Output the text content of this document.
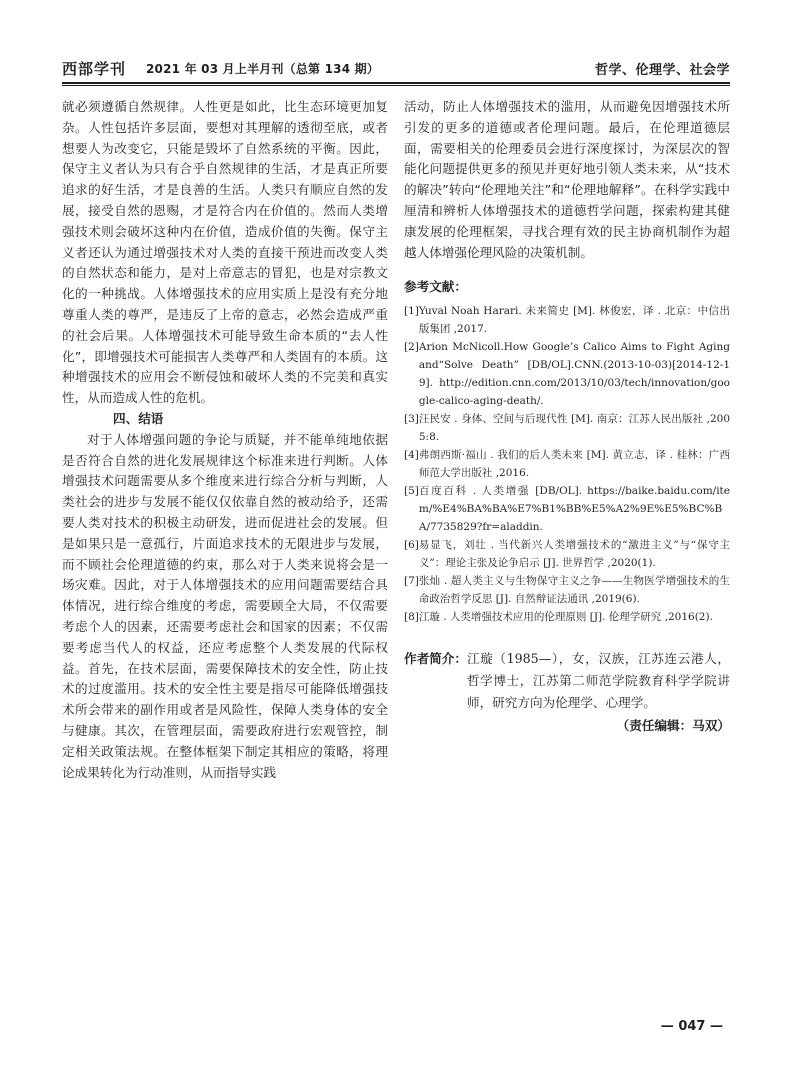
西部学刊 2021 年 03 月上半月刊（总第 134 期）	哲学、伦理学、社会学

就必须遵循自然规律。人性更是如此，比生态环境更加复杂。人性包括许多层面，要想对其理解的透彻至底，或者想要人为改变它，只能是毁坏了自然系统的平衡。因此，保守主义者认为只有合乎自然规律的生活，才是真正所要追求的好生活，才是良善的生活。人类只有顺应自然的发展，接受自然的恩赐，才是符合内在价值的。然而人类增强技术则会破坏这种内在价值，造成价值的失衡。保守主义者还认为通过增强技术对人类的直接干预进而改变人类的自然状态和能力，是对上帝意志的冒犯，也是对宗教文化的一种挑战。人体增强技术的应用实质上是没有充分地尊重人类的尊严，是违反了上帝的意志，必然会造成严重的社会后果。人体增强技术可能导致生命本质的“去人性化”，即增强技术可能损害人类尊严和人类固有的本质。这种增强技术的应用会不断侵蚀和破坏人类的不完美和真实性，从而造成人性的危机。

四、结语

对于人体增强问题的争论与质疑，并不能单纯地依据是否符合自然的进化发展规律这个标准来进行判断。人体增强技术问题需要从多个维度来进行综合分析与判断，人类社会的进步与发展不能仅仅依靠自然的被动给予，还需要人类对技术的积极主动研发，进而促进社会的发展。但是如果只是一意孤行，片面追求技术的无限进步与发展，而不顾社会伦理道德的约束，那么对于人类来说将会是一场灾难。因此，对于人体增强技术的应用问题需要结合具体情况，进行综合维度的考虑，需要顾全大局，不仅需要考虑个人的因素，还需要考虑社会和国家的因素；不仅需要考虑当代人的权益，还应考虑整个人类发展的代际权益。首先，在技术层面，需要保障技术的安全性，防止技术的过度滥用。技术的安全性主要是指尽可能降低增强技术所会带来的副作用或者是风险性，保障人类身体的安全与健康。其次，在管理层面，需要政府进行宏观管控，制定相关政策法规。在整体框架下制定其相应的策略，将理论成果转化为行动准则，从而指导实践

活动，防止人体增强技术的滥用，从而避免因增强技术所引发的更多的道德或者伦理问题。最后，在伦理道德层面，需要相关的伦理委员会进行深度探讨，为深层次的智能化问题提供更多的预见并更好地引领人类未来，从“技术的解决”转向“伦理地关注”和“伦理地解释”。在科学实践中厘清和辨析人体增强技术的道德哲学问题，探索构建其健康发展的伦理框架，寻找合理有效的民主协商机制作为超越人体增强伦理风险的决策机制。

参考文献：
[1] Yuval Noah Harari. 未来简史 [M]. 林俊宏，译 . 北京：中信出版集团 ,2017.
[2] Arion McNicoll.How Google’s Calico Aims to Fight Aging and“Solve Death” [DB/OL].CNN.(2013-10-03)[2014-12-19]. http://edition.cnn.com/2013/10/03/tech/innovation/google-calico-aging-death/.
[3] 汪民安 . 身体、空间与后现代性 [M]. 南京：江苏人民出版社 ,2005:8.
[4] 弗朗西斯·福山 . 我们的后人类未来 [M]. 黄立志，译 . 桂林：广西师范大学出版社 ,2016.
[5] 百度百科 . 人类增强 [DB/OL]. https://baike.baidu.com/item/%E4%BA%BA%E7%B1%BB%E5%A2%9E%E5%BC%BA/7735829?fr=aladdin.
[6] 易显飞，刘壮 . 当代新兴人类增强技术的“激进主义”与“保守主义”：理论主张及论争启示 [J]. 世界哲学 ,2020(1).
[7] 张灿 . 超人类主义与生物保守主义之争——生物医学增强技术的生命政治哲学反思 [J]. 自然辩证法通讯 ,2019(6).
[8] 江璇 . 人类增强技术应用的伦理原则 [J]. 伦理学研究 ,2016(2).
作者简介： 江璇（1985—），女，汉族，江苏连云港人，哲学博士，江苏第二师范学院教育科学学院讲师，研究方向为伦理学、心理学。
（责任编辑：马双）
— 047 —
